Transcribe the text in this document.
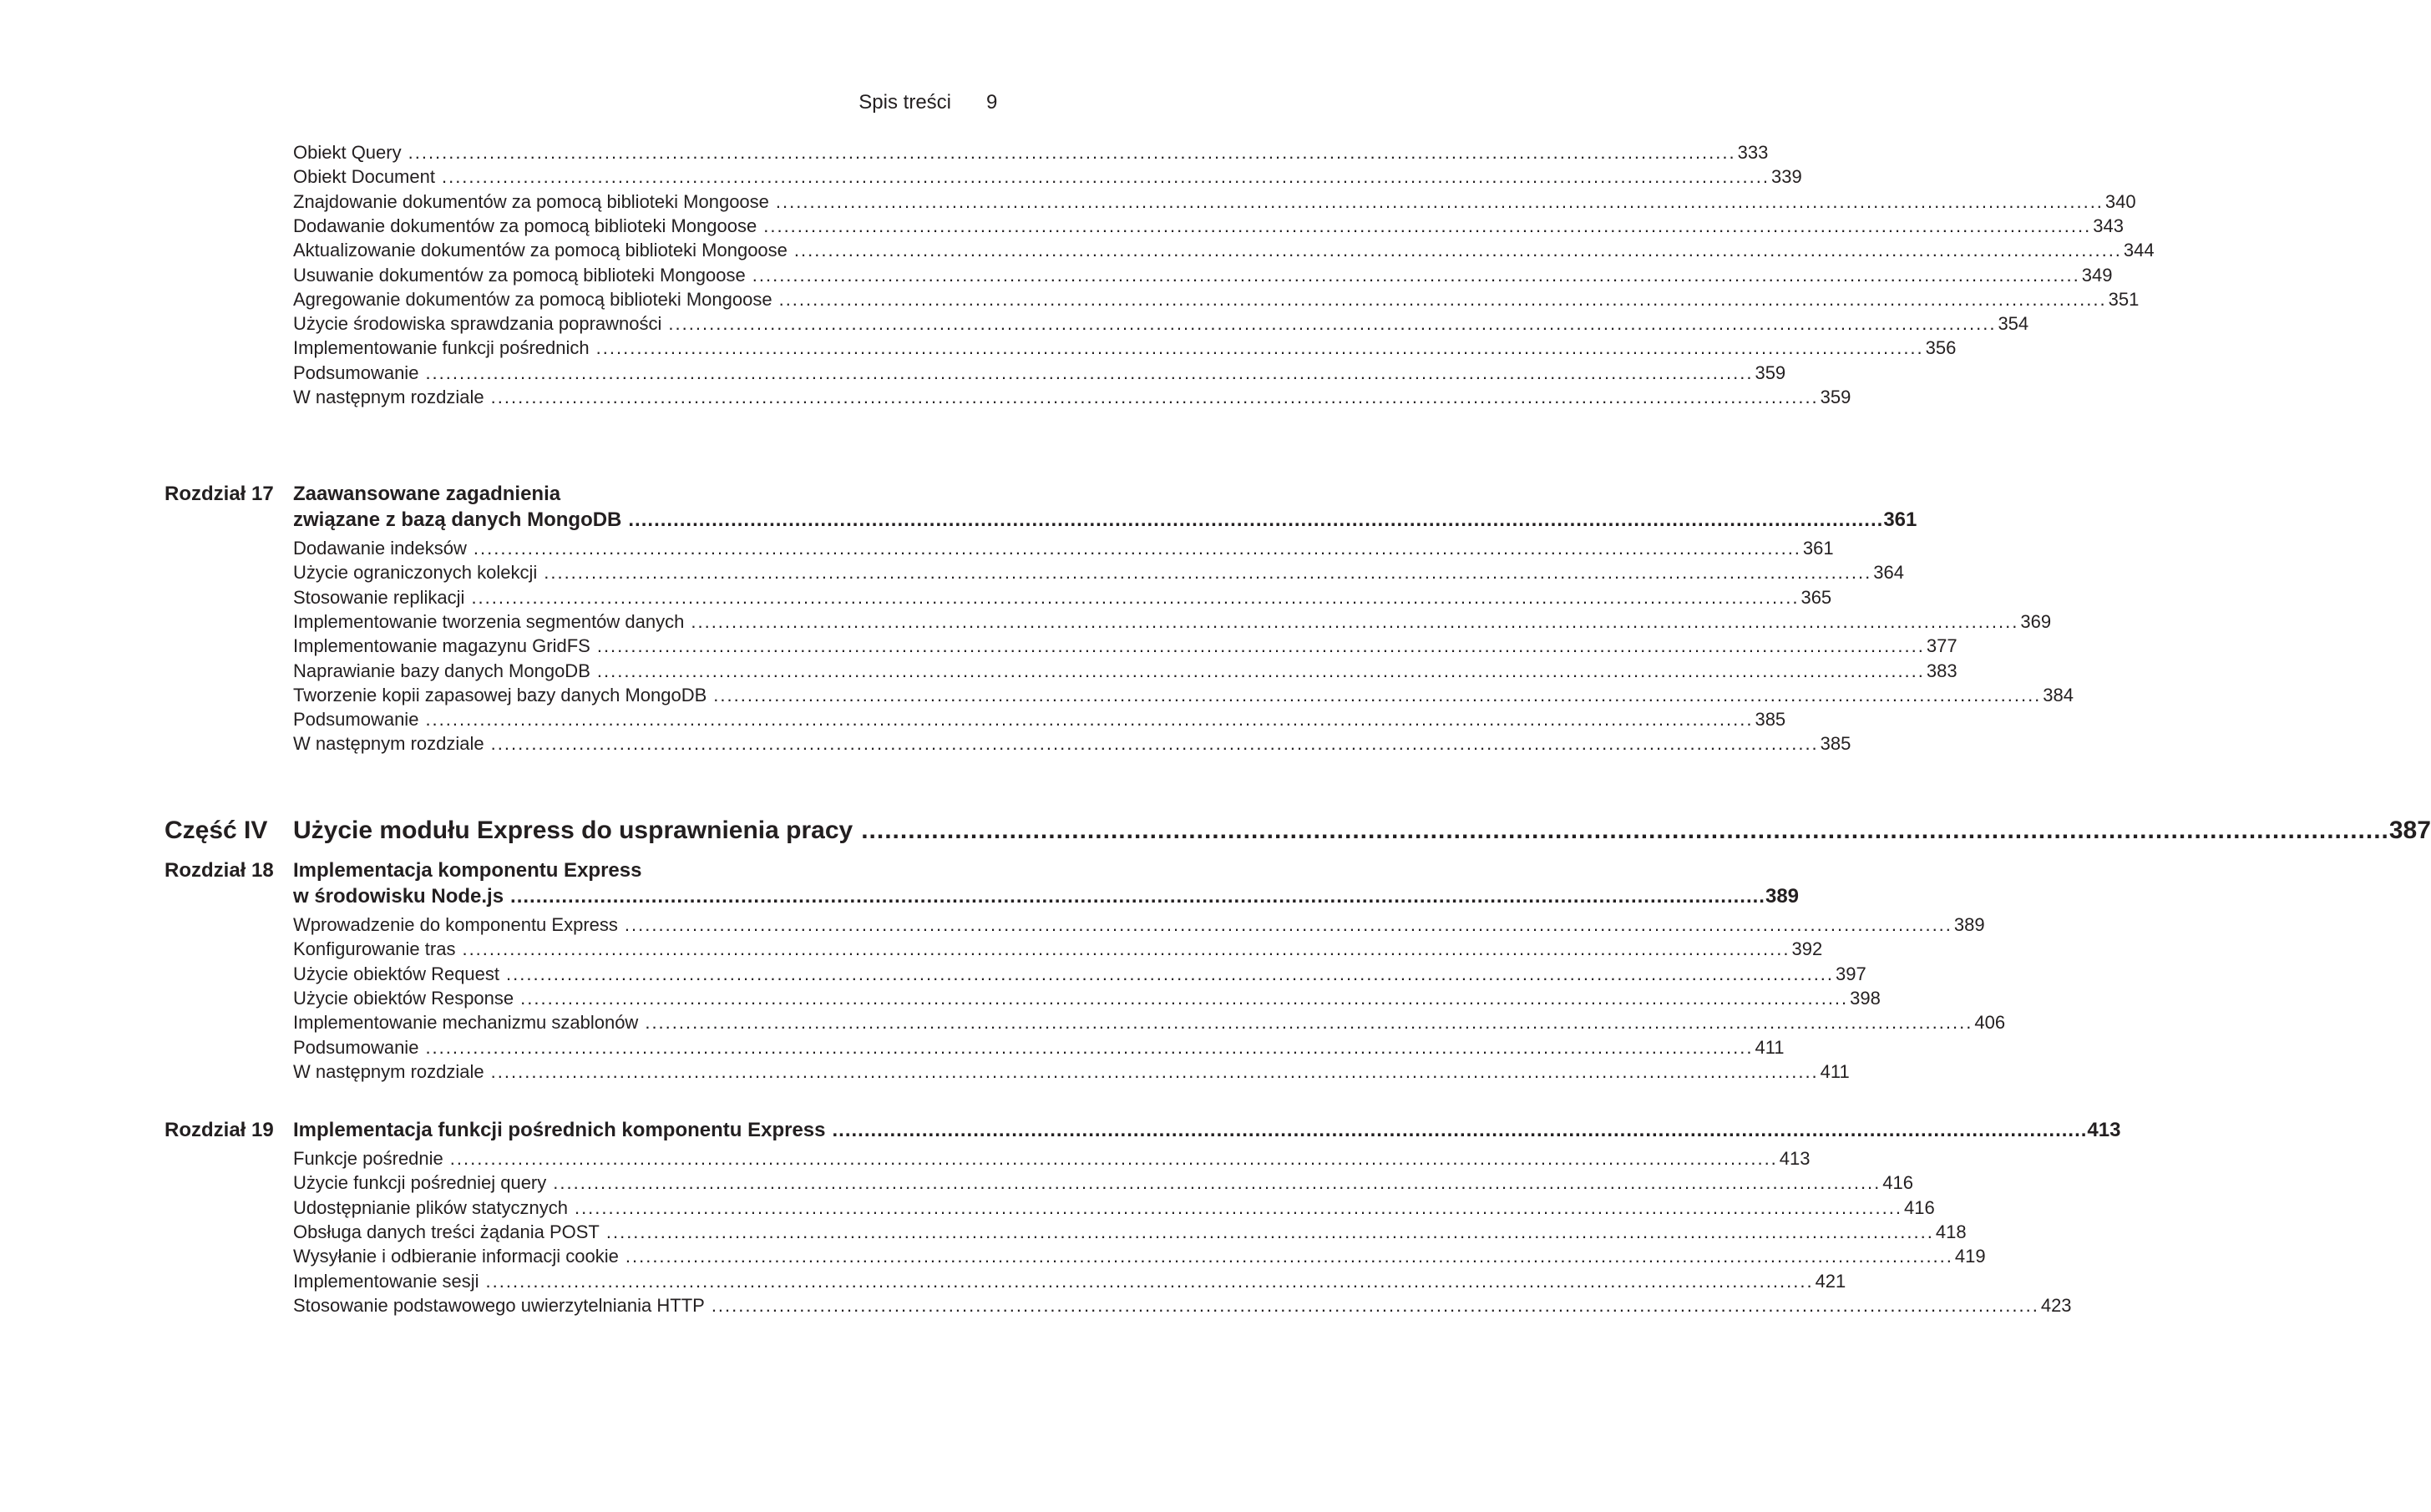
Spis treści 9
Obiekt Query .................................................................................................................................................................................................... 333
Obiekt Document .................................................................................................................................................................................................... 339
Znajdowanie dokumentów za pomocą biblioteki Mongoose .................................................................................................................................................................................................... 340
Dodawanie dokumentów za pomocą biblioteki Mongoose .................................................................................................................................................................................................... 343
Aktualizowanie dokumentów za pomocą biblioteki Mongoose .................................................................................................................................................................................................... 344
Usuwanie dokumentów za pomocą biblioteki Mongoose .................................................................................................................................................................................................... 349
Agregowanie dokumentów za pomocą biblioteki Mongoose .................................................................................................................................................................................................... 351
Użycie środowiska sprawdzania poprawności .................................................................................................................................................................................................... 354
Implementowanie funkcji pośrednich .................................................................................................................................................................................................... 356
Podsumowanie .................................................................................................................................................................................................... 359
W następnym rozdziale .................................................................................................................................................................................................... 359
Rozdział 17 Zaawansowane zagadnienia
związane z bazą danych MongoDB .................................................................................................................................................................................................... 361
Dodawanie indeksów .................................................................................................................................................................................................... 361
Użycie ograniczonych kolekcji .................................................................................................................................................................................................... 364
Stosowanie replikacji .................................................................................................................................................................................................... 365
Implementowanie tworzenia segmentów danych .................................................................................................................................................................................................... 369
Implementowanie magazynu GridFS .................................................................................................................................................................................................... 377
Naprawianie bazy danych MongoDB .................................................................................................................................................................................................... 383
Tworzenie kopii zapasowej bazy danych MongoDB .................................................................................................................................................................................................... 384
Podsumowanie .................................................................................................................................................................................................... 385
W następnym rozdziale .................................................................................................................................................................................................... 385
Część IV Użycie modułu Express do usprawnienia pracy .................................................................................................................................................................................................... 387
Rozdział 18 Implementacja komponentu Express
w środowisku Node.js .................................................................................................................................................................................................... 389
Wprowadzenie do komponentu Express .................................................................................................................................................................................................... 389
Konfigurowanie tras .................................................................................................................................................................................................... 392
Użycie obiektów Request .................................................................................................................................................................................................... 397
Użycie obiektów Response .................................................................................................................................................................................................... 398
Implementowanie mechanizmu szablonów .................................................................................................................................................................................................... 406
Podsumowanie .................................................................................................................................................................................................... 411
W następnym rozdziale .................................................................................................................................................................................................... 411
Rozdział 19 Implementacja funkcji pośrednich komponentu Express .................................................................................................................................................................................................... 413
Funkcje pośrednie .................................................................................................................................................................................................... 413
Użycie funkcji pośredniej query .................................................................................................................................................................................................... 416
Udostępnianie plików statycznych .................................................................................................................................................................................................... 416
Obsługa danych treści żądania POST .................................................................................................................................................................................................... 418
Wysyłanie i odbieranie informacji cookie .................................................................................................................................................................................................... 419
Implementowanie sesji .................................................................................................................................................................................................... 421
Stosowanie podstawowego uwierzytelniania HTTP .................................................................................................................................................................................................... 423
